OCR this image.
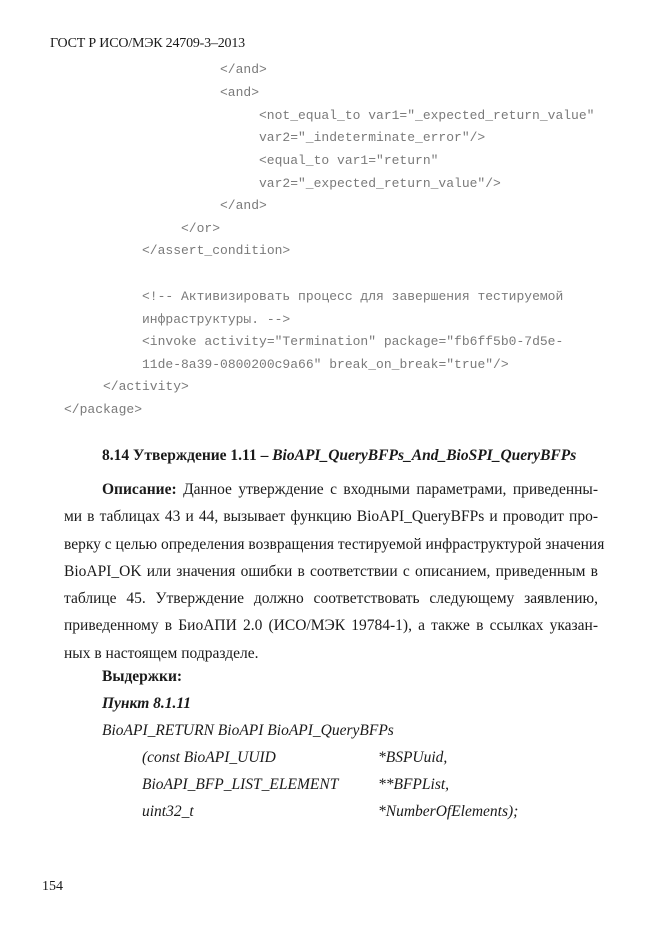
ГОСТ Р ИСО/МЭК 24709-3–2013
</and>
<and>
<not_equal_to var1="_expected_return_value"
var2="_indeterminate_error"/>
<equal_to var1="return"
var2="_expected_return_value"/>
</and>
</or>
</assert_condition>
<!-- Активизировать процесс для завершения тестируемой
инфраструктуры. -->
<invoke activity="Termination" package="fb6ff5b0-7d5e-
11de-8a39-0800200c9a66" break_on_break="true"/>
</activity>
</package>
8.14 Утверждение 1.11 – BioAPI_QueryBFPs_And_BioSPI_QueryBFPs
Описание: Данное утверждение с входными параметрами, приведенны-
ми в таблицах 43 и 44, вызывает функцию BioAPI_QueryBFPs и проводит про-
верку с целью определения возвращения тестируемой инфраструктурой значения
BioAPI_OK или значения ошибки в соответствии с описанием, приведенным в
таблице 45. Утверждение должно соответствовать следующему заявлению,
приведенному в БиоАПИ 2.0 (ИСО/МЭК 19784-1), а также в ссылках указан-
ных в настоящем подразделе.
Выдержки:
Пункт 8.1.11
BioAPI_RETURN BioAPI BioAPI_QueryBFPs
(const BioAPI_UUID	*BSPUuid,
BioAPI_BFP_LIST_ELEMENT	**BFPList,
uint32_t	*NumberOfElements);
154
